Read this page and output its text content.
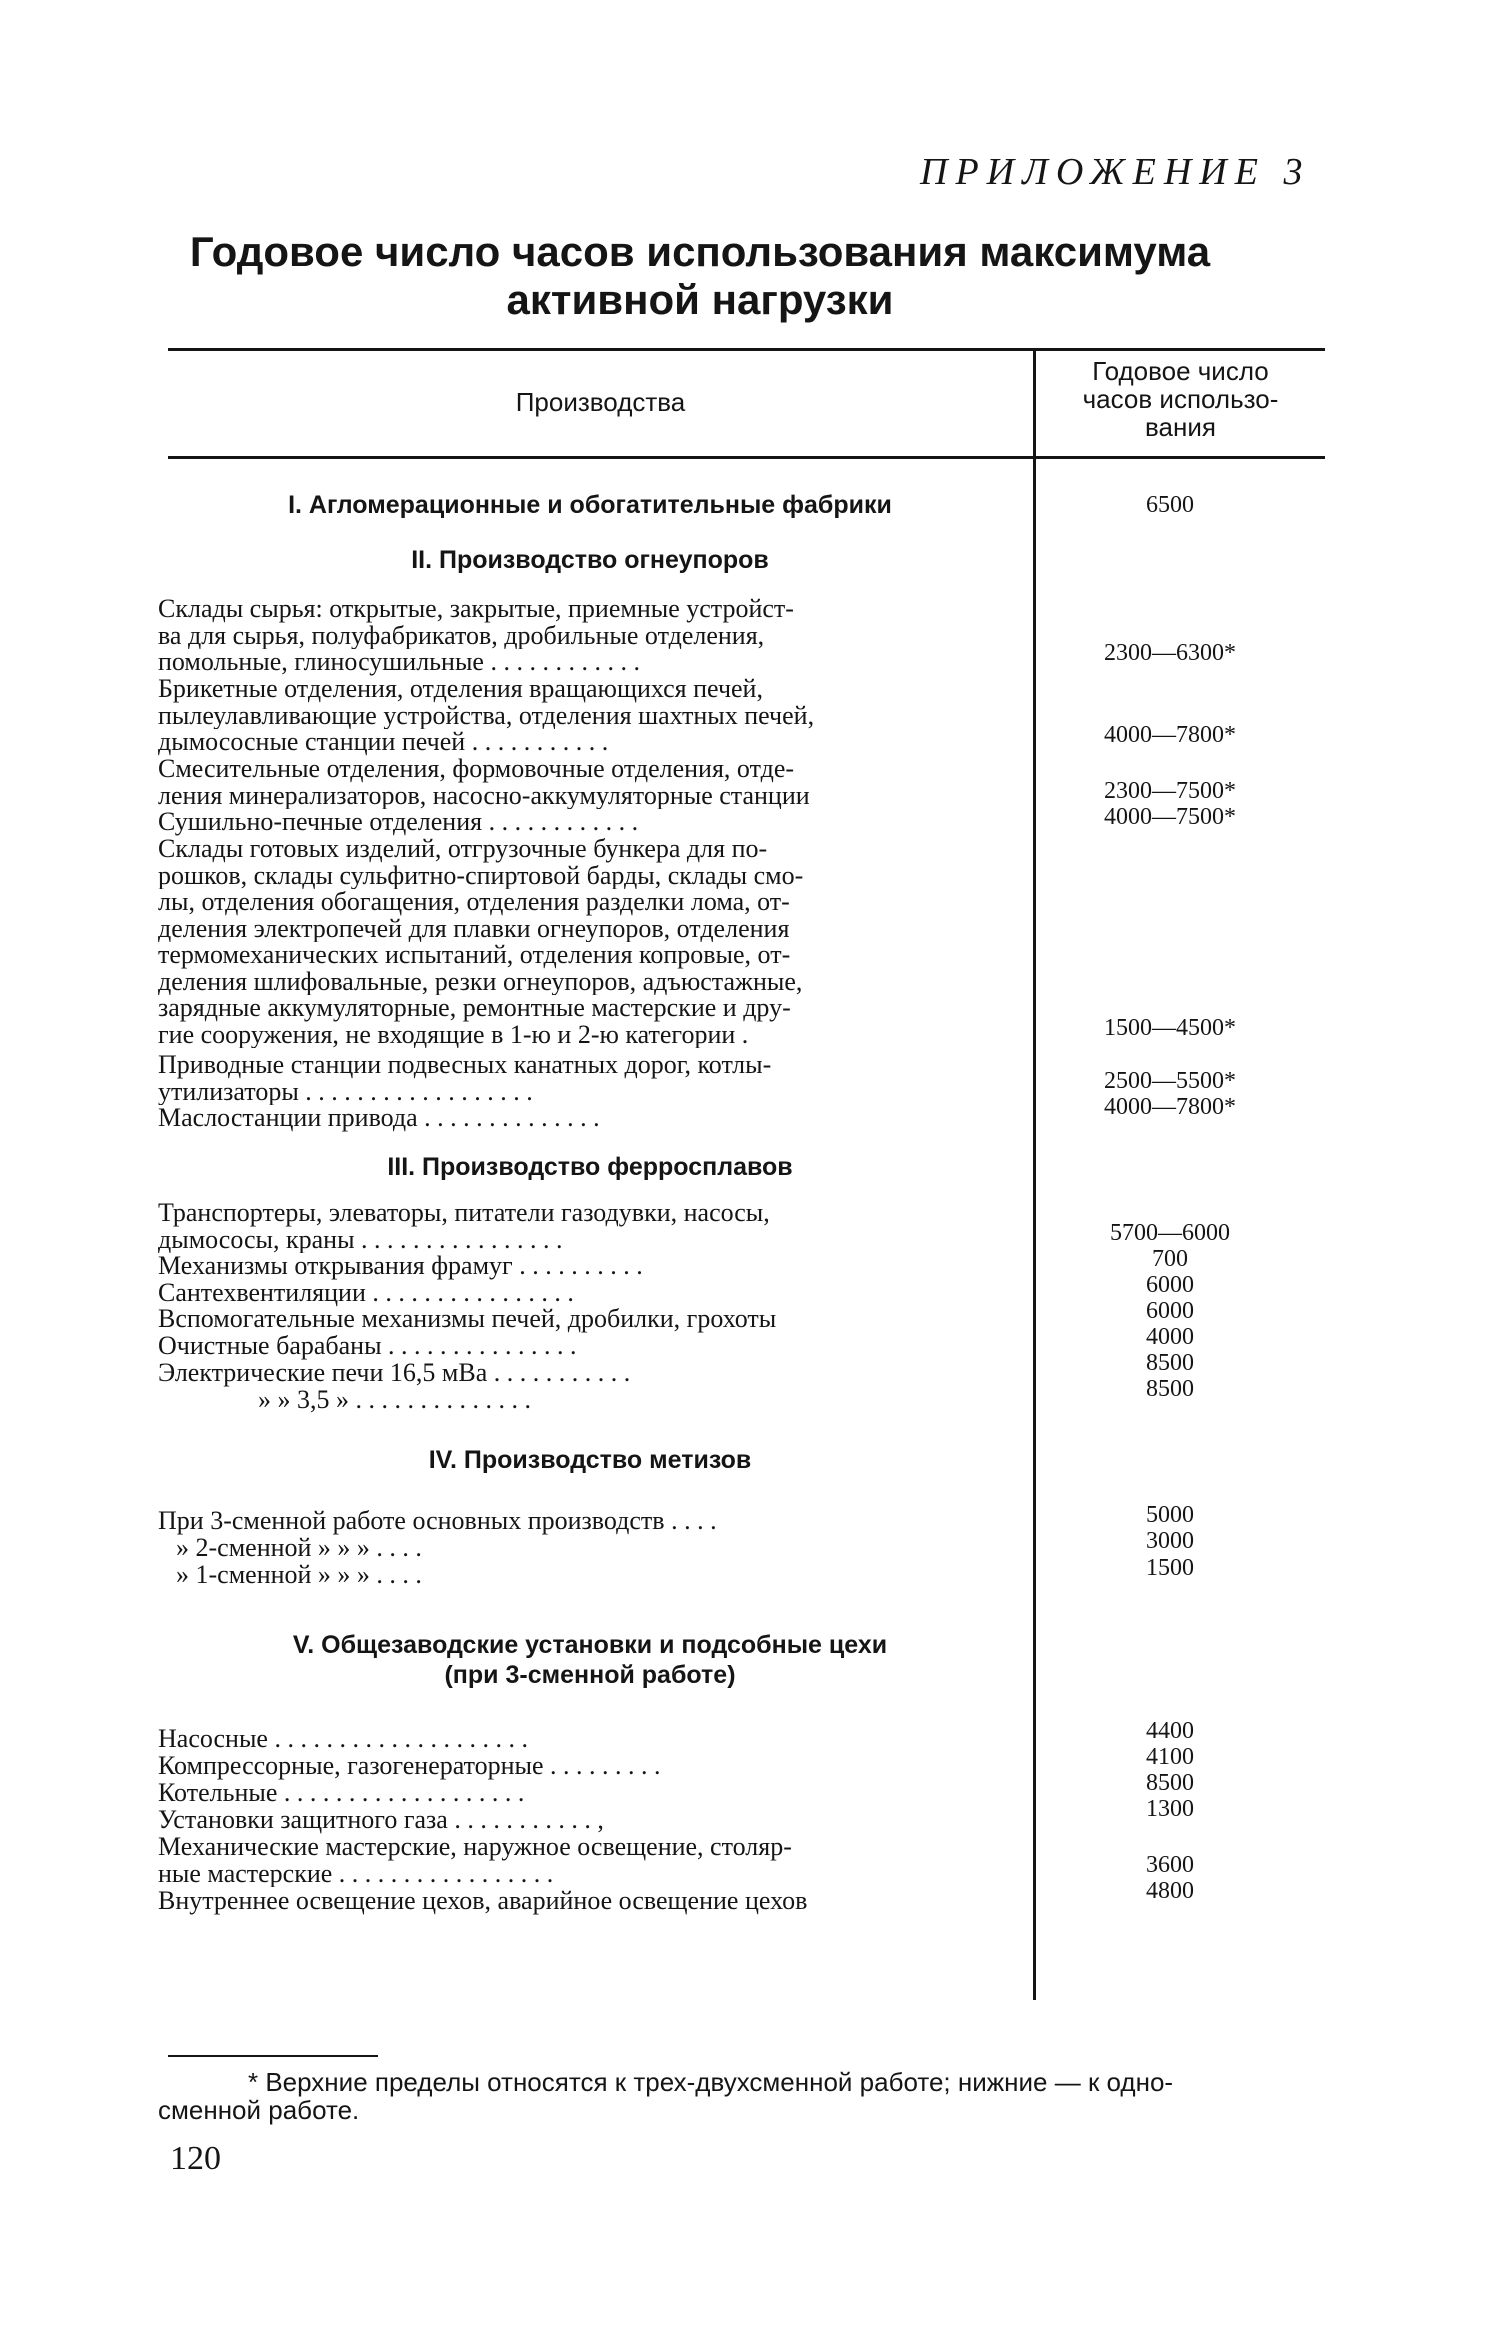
ПРИЛОЖЕНИЕ 3
Годовое число часов использования максимума
активной нагрузки
Производства
Годовое число
часов использо-
вания
I. Агломерационные и обогатительные фабрики	6500
II. Производство огнеупоров
Склады сырья: открытые, закрытые, приемные устройст-
ва для сырья, полуфабрикатов, дробильные отделения,
помольные, глиносушильные . . . . . . . . . . . .	2300—6300*
Брикетные отделения, отделения вращающихся печей,
пылеулавливающие устройства, отделения шахтных печей,
дымососные станции печей . . . . . . . . . . .	4000—7800*
Смесительные отделения, формовочные отделения, отде-
ления минерализаторов, насосно-аккумуляторные станции	2300—7500*
Сушильно-печные отделения . . . . . . . . . . . .	4000—7500*
Склады готовых изделий, отгрузочные бункера для по-
рошков, склады сульфитно-спиртовой барды, склады смо-
лы, отделения обогащения, отделения разделки лома, от-
деления электропечей для плавки огнеупоров, отделения
термомеханических испытаний, отделения копровые, от-
деления шлифовальные, резки огнеупоров, адъюстажные,
зарядные аккумуляторные, ремонтные мастерские и дру-
гие сооружения, не входящие в 1-ю и 2-ю категории .	1500—4500*
Приводные станции подвесных канатных дорог, котлы-
утилизаторы . . . . . . . . . . . . . . . . . .	2500—5500*
Маслостанции привода . . . . . . . . . . . . . .	4000—7800*
III. Производство ферросплавов
Транспортеры, элеваторы, питатели газодувки, насосы,
дымососы, краны . . . . . . . . . . . . . . . .	5700—6000
Механизмы открывания фрамуг . . . . . . . . . .	700
Сантехвентиляции . . . . . . . . . . . . . . . .	6000
Вспомогательные механизмы печей, дробилки, грохоты	6000
Очистные барабаны . . . . . . . . . . . . . . .	4000
Электрические печи 16,5 мВа . . . . . . . . . . .	8500
» » 3,5 » . . . . . . . . . . . . . .	8500
IV. Производство метизов
При 3-сменной работе основных производств . . . .	5000
» 2-сменной » » » . . . .	3000
» 1-сменной » » » . . . .	1500
V. Общезаводские установки и подсобные цехи
(при 3-сменной работе)
Насосные . . . . . . . . . . . . . . . . . . . .	4400
Компрессорные, газогенераторные . . . . . . . . .	4100
Котельные . . . . . . . . . . . . . . . . . . .	8500
Установки защитного газа . . . . . . . . . . . ,	1300
Механические мастерские, наружное освещение, столяр-
ные мастерские . . . . . . . . . . . . . . . . .	3600
Внутреннее освещение цехов, аварийное освещение цехов	4800
* Верхние пределы относятся к трех-двухсменной работе; нижние — к одно-
сменной работе.
120
